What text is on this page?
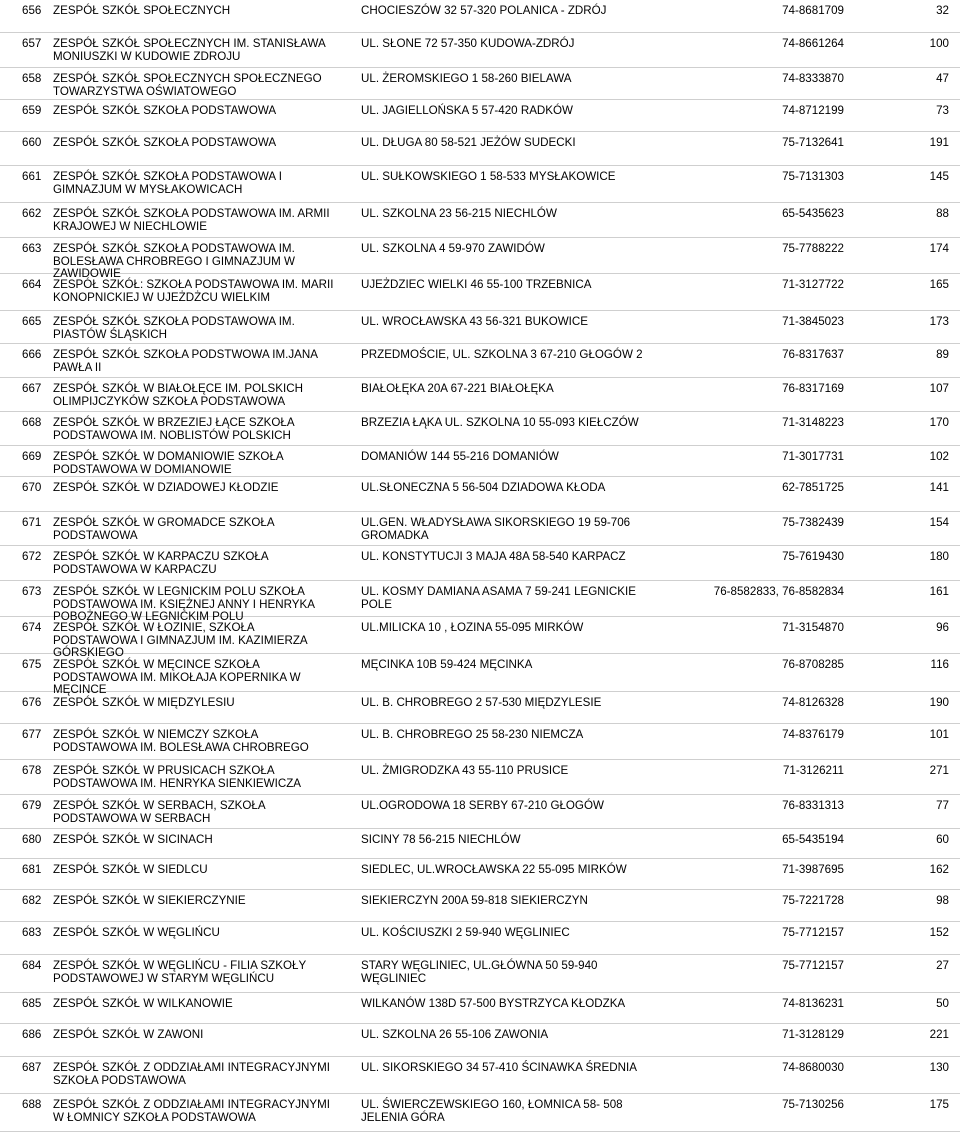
656	ZESPÓŁ SZKÓŁ SPOŁECZNYCH	CHOCIESZÓW 32 57-320 POLANICA - ZDRÓJ	74-8681709	32
657	ZESPÓŁ SZKÓŁ SPOŁECZNYCH IM. STANISŁAWA
MONIUSZKI W KUDOWIE ZDROJU
UL. SŁONE 72 57-350 KUDOWA-ZDRÓJ	74-8661264	100
658	ZESPÓŁ SZKÓŁ SPOŁECZNYCH SPOŁECZNEGO
TOWARZYSTWA OŚWIATOWEGO
UL. ŻEROMSKIEGO 1 58-260 BIELAWA	74-8333870	47
659	ZESPÓŁ SZKÓŁ SZKOŁA PODSTAWOWA	UL. JAGIELLOŃSKA 5 57-420 RADKÓW	74-8712199	73
660	ZESPÓŁ SZKÓŁ SZKOŁA PODSTAWOWA	UL. DŁUGA 80 58-521 JEŻÓW SUDECKI	75-7132641	191
661	ZESPÓŁ SZKÓŁ SZKOŁA PODSTAWOWA I
GIMNAZJUM W MYSŁAKOWICACH
UL. SUŁKOWSKIEGO 1 58-533 MYSŁAKOWICE	75-7131303	145
662	ZESPÓŁ SZKÓŁ SZKOŁA PODSTAWOWA IM. ARMII
KRAJOWEJ W NIECHLOWIE
UL. SZKOLNA 23 56-215 NIECHLÓW	65-5435623	88
663	ZESPÓŁ SZKÓŁ SZKOŁA PODSTAWOWA IM.
BOLESŁAWA CHROBREGO I GIMNAZJUM W
ZAWIDOWIE
UL. SZKOLNA 4 59-970 ZAWIDÓW	75-7788222	174
664	ZESPÓŁ SZKÓŁ: SZKOŁA PODSTAWOWA IM. MARII
KONOPNICKIEJ W UJEŻDŻCU WIELKIM
UJEŻDZIEC WIELKI 46 55-100 TRZEBNICA	71-3127722	165
665	ZESPÓŁ SZKÓŁ SZKOŁA PODSTAWOWA IM.
PIASTÓW ŚLĄSKICH
UL. WROCŁAWSKA 43 56-321 BUKOWICE	71-3845023	173
666	ZESPÓŁ SZKÓŁ SZKOŁA PODSTWOWA IM.JANA
PAWŁA II
PRZEDMOŚCIE, UL. SZKOLNA 3 67-210 GŁOGÓW 2	76-8317637	89
667	ZESPÓŁ SZKÓŁ W BIAŁOŁĘCE IM. POLSKICH
OLIMPIJCZYKÓW SZKOŁA PODSTAWOWA
BIAŁOŁĘKA 20A 67-221 BIAŁOŁĘKA	76-8317169	107
668	ZESPÓŁ SZKÓŁ W BRZEZIEJ ŁĄCE SZKOŁA
PODSTAWOWA IM. NOBLISTÓW POLSKICH
BRZEZIA ŁĄKA UL. SZKOLNA 10 55-093 KIEŁCZÓW	71-3148223	170
669	ZESPÓŁ SZKÓŁ W DOMANIOWIE SZKOŁA
PODSTAWOWA W DOMIANOWIE
DOMANIÓW 144 55-216 DOMANIÓW	71-3017731	102
670	ZESPÓŁ SZKÓŁ W DZIADOWEJ KŁODZIE	UL.SŁONECZNA 5 56-504 DZIADOWA KŁODA	62-7851725	141
671	ZESPÓŁ SZKÓŁ W GROMADCE SZKOŁA
PODSTAWOWA
UL.GEN. WŁADYSŁAWA SIKORSKIEGO 19 59-706
GROMADKA
75-7382439	154
672	ZESPÓŁ SZKÓŁ W KARPACZU SZKOŁA
PODSTAWOWA W KARPACZU
UL. KONSTYTUCJI 3 MAJA 48A 58-540 KARPACZ	75-7619430	180
673	ZESPÓŁ SZKÓŁ W LEGNICKIM POLU SZKOŁA
PODSTAWOWA IM. KSIĘŻNEJ ANNY I HENRYKA
POBOŻNEGO W LEGNICKIM POLU
UL. KOSMY DAMIANA ASAMA 7 59-241 LEGNICKIE
POLE
76-8582833, 76-8582834	161
674	ZESPÓŁ SZKÓŁ W ŁOZINIE, SZKOŁA
PODSTAWOWA I GIMNAZJUM IM. KAZIMIERZA
GÓRSKIEGO
UL.MILICKA 10 , ŁOZINA 55-095 MIRKÓW	71-3154870	96
675	ZESPÓŁ SZKÓŁ W MĘCINCE SZKOŁA
PODSTAWOWA IM. MIKOŁAJA KOPERNIKA W
MĘCINCE
MĘCINKA 10B 59-424 MĘCINKA	76-8708285	116
676	ZESPÓŁ SZKÓŁ W MIĘDZYLESIU	UL. B. CHROBREGO 2 57-530 MIĘDZYLESIE	74-8126328	190
677	ZESPÓŁ SZKÓŁ W NIEMCZY SZKOŁA
PODSTAWOWA IM. BOLESŁAWA CHROBREGO
UL. B. CHROBREGO 25 58-230 NIEMCZA	74-8376179	101
678	ZESPÓŁ SZKÓŁ W PRUSICACH SZKOŁA
PODSTAWOWA IM. HENRYKA SIENKIEWICZA
UL. ŻMIGRODZKA 43 55-110 PRUSICE	71-3126211	271
679	ZESPÓŁ SZKÓŁ W SERBACH, SZKOŁA
PODSTAWOWA W SERBACH
UL.OGRODOWA 18 SERBY 67-210 GŁOGÓW	76-8331313	77
680	ZESPÓŁ SZKÓŁ W SICINACH	SICINY 78 56-215 NIECHLÓW	65-5435194	60
681	ZESPÓŁ SZKÓŁ W SIEDLCU	SIEDLEC, UL.WROCŁAWSKA 22 55-095 MIRKÓW	71-3987695	162
682	ZESPÓŁ SZKÓŁ W SIEKIERCZYNIE	SIEKIERCZYN 200A 59-818 SIEKIERCZYN	75-7221728	98
683	ZESPÓŁ SZKÓŁ W WĘGLIŃCU	UL. KOŚCIUSZKI 2 59-940 WĘGLINIEC	75-7712157	152
684	ZESPÓŁ SZKÓŁ W WĘGLIŃCU - FILIA SZKOŁY
PODSTAWOWEJ W STARYM WĘGLIŃCU
STARY WĘGLINIEC, UL.GŁÓWNA 50 59-940
WĘGLINIEC
75-7712157	27
685	ZESPÓŁ SZKÓŁ W WILKANOWIE	WILKANÓW 138D 57-500 BYSTRZYCA KŁODZKA	74-8136231	50
686	ZESPÓŁ SZKÓŁ W ZAWONI	UL. SZKOLNA 26 55-106 ZAWONIA	71-3128129	221
687	ZESPÓŁ SZKÓŁ Z ODDZIAŁAMI INTEGRACYJNYMI
SZKOŁA PODSTAWOWA
UL. SIKORSKIEGO 34 57-410 ŚCINAWKA ŚREDNIA	74-8680030	130
688	ZESPÓŁ SZKÓŁ Z ODDZIAŁAMI INTEGRACYJNYMI
W ŁOMNICY SZKOŁA PODSTAWOWA
UL. ŚWIERCZEWSKIEGO 160, ŁOMNICA 58- 508
JELENIA GÓRA
75-7130256	175
